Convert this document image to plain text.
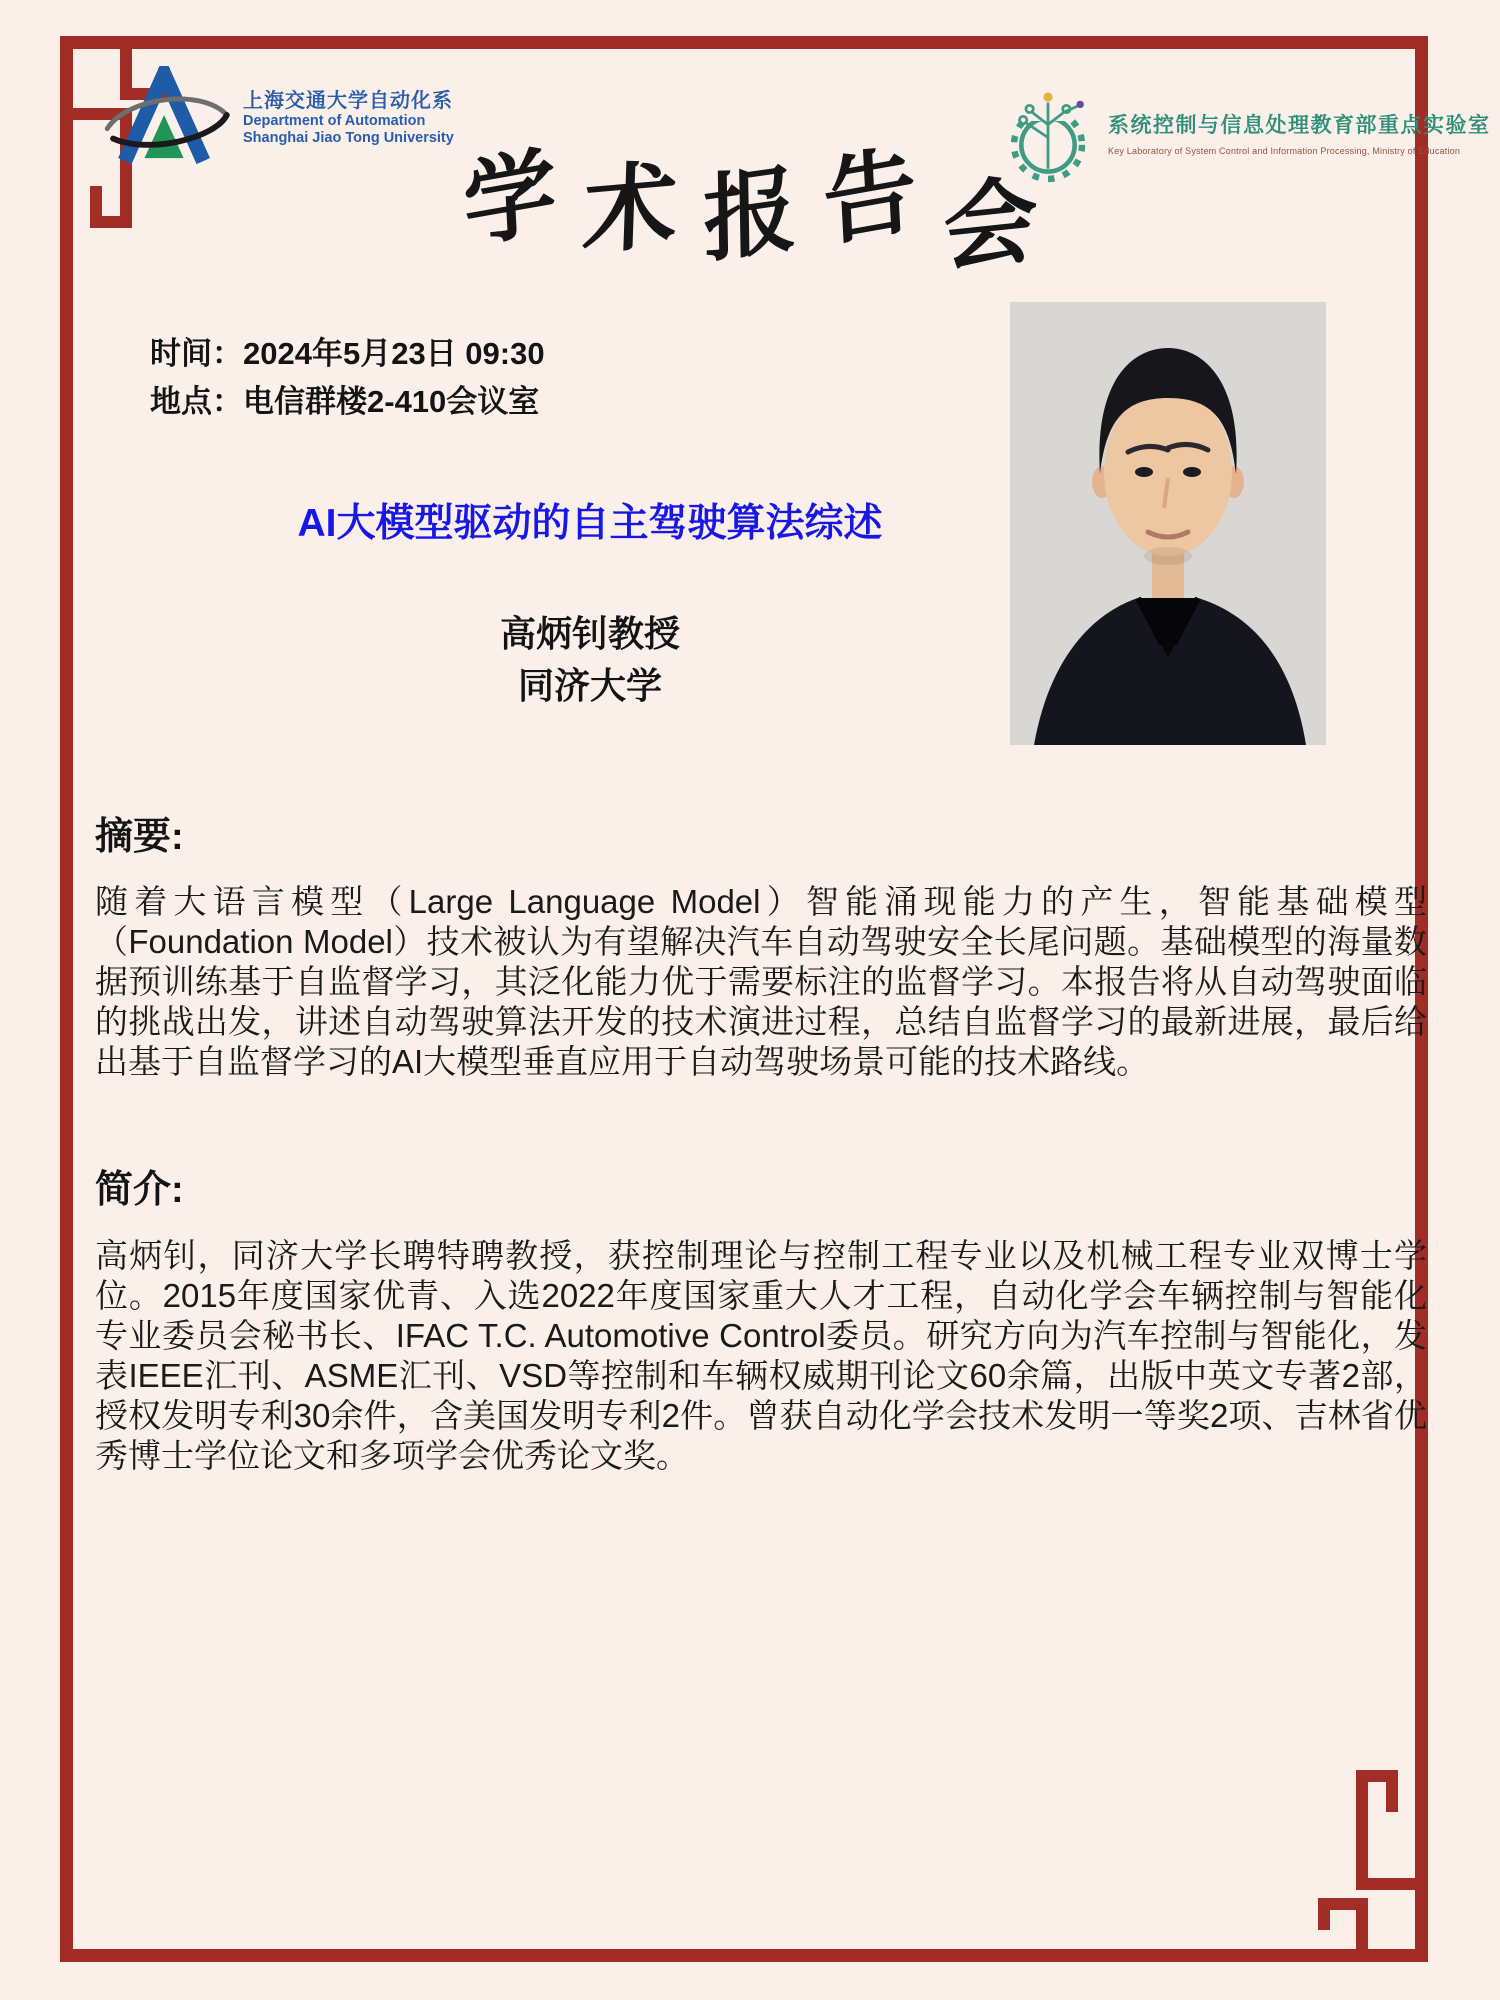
上海交通大学自动化系
Department of Automation
Shanghai Jiao Tong University
系统控制与信息处理教育部重点实验室
Key Laboratory of System Control and Information Processing, Ministry of Education
学 术 报 告 会
时间：2024年5月23日 09:30
地点：电信群楼2-410会议室
AI大模型驱动的自主驾驶算法综述
高炳钊教授
同济大学
摘要:
随着大语言模型（Large Language Model）智能涌现能力的产生，智能基础模型（Foundation Model）技术被认为有望解决汽车自动驾驶安全长尾问题。基础模型的海量数据预训练基于自监督学习，其泛化能力优于需要标注的监督学习。本报告将从自动驾驶面临的挑战出发，讲述自动驾驶算法开发的技术演进过程，总结自监督学习的最新进展，最后给出基于自监督学习的AI大模型垂直应用于自动驾驶场景可能的技术路线。
简介:
高炳钊，同济大学长聘特聘教授，获控制理论与控制工程专业以及机械工程专业双博士学位。2015年度国家优青、入选2022年度国家重大人才工程，自动化学会车辆控制与智能化专业委员会秘书长、IFAC T.C. Automotive Control委员。研究方向为汽车控制与智能化，发表IEEE汇刊、ASME汇刊、VSD等控制和车辆权威期刊论文60余篇，出版中英文专著2部，授权发明专利30余件，含美国发明专利2件。曾获自动化学会技术发明一等奖2项、吉林省优秀博士学位论文和多项学会优秀论文奖。
